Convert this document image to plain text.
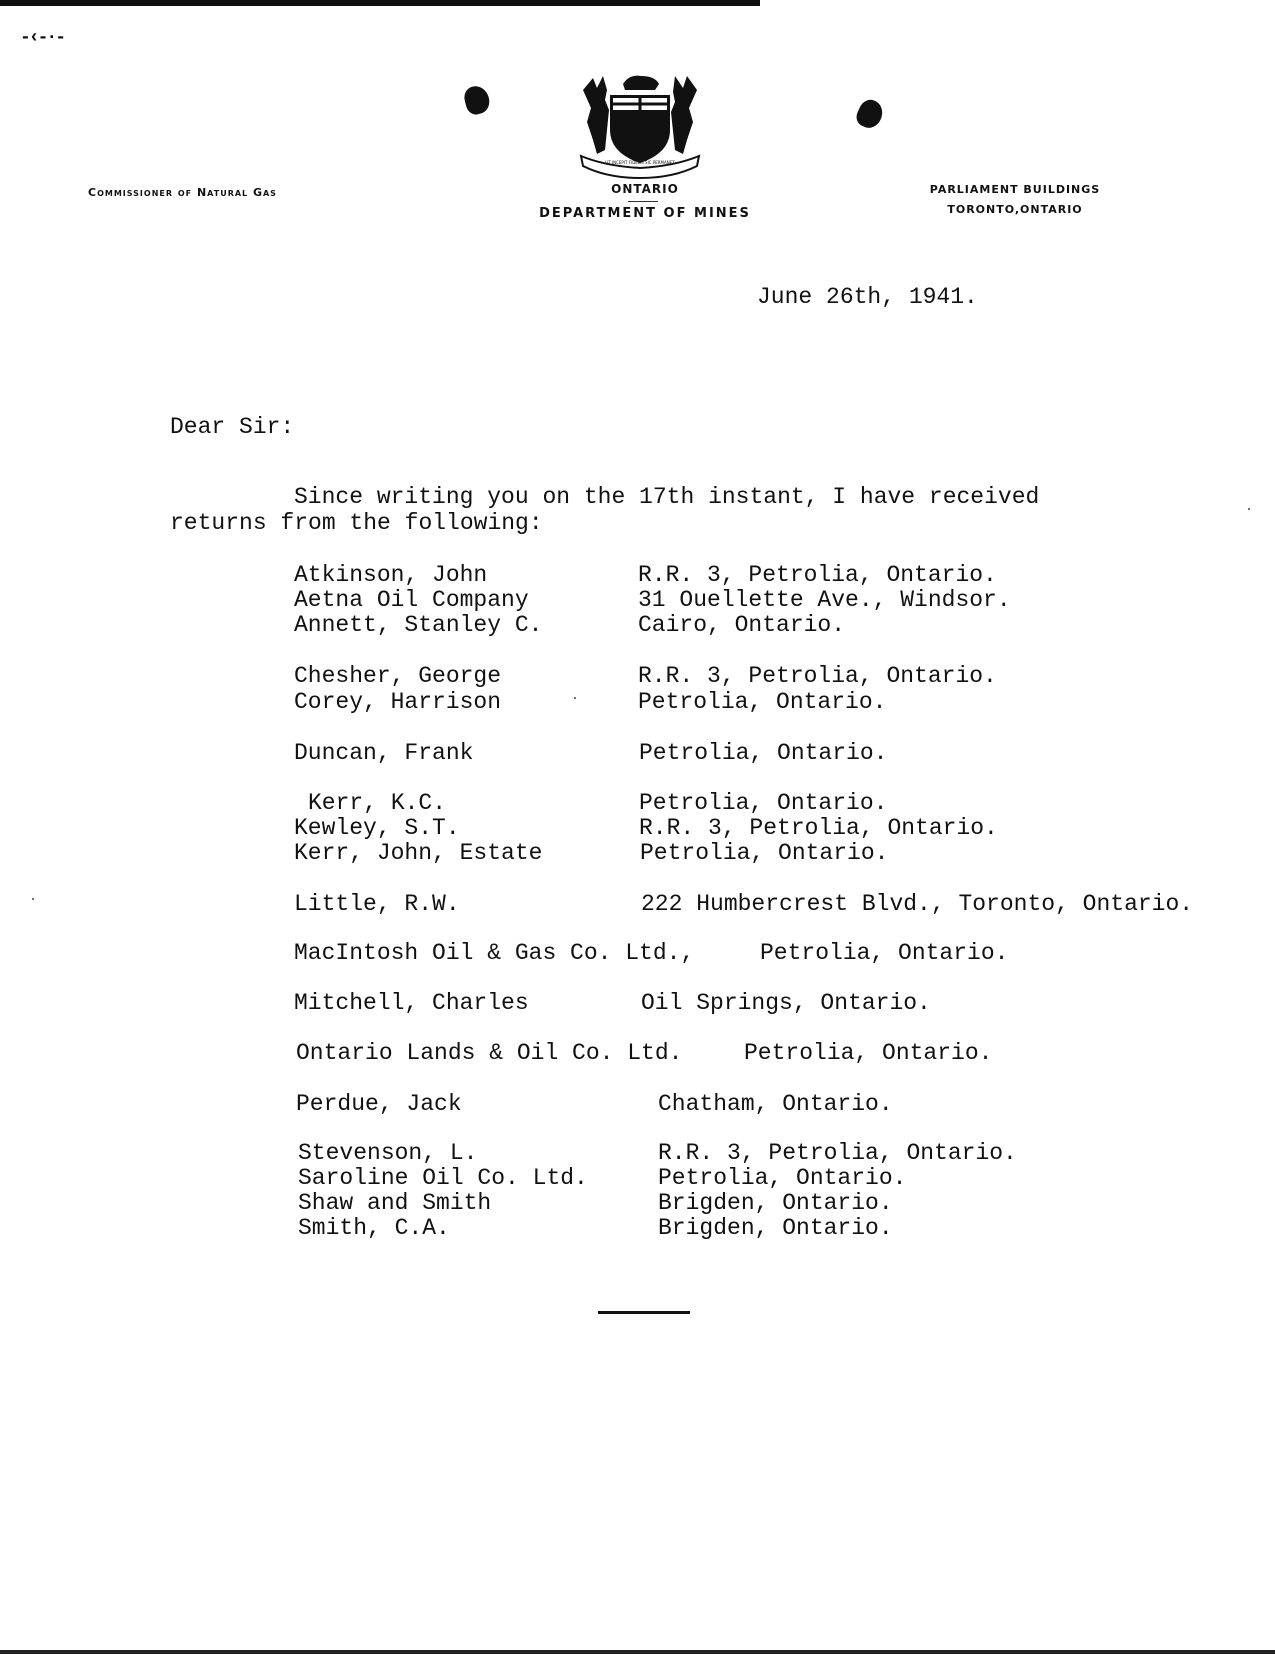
-‹-·-
UT INCEPIT FIDELIS SIC PERMANET
Commissioner of Natural Gas	ONTARIO
DEPARTMENT OF MINES
PARLIAMENT BUILDINGS
TORONTO,ONTARIO
June 26th, 1941.
Dear Sir:
Since writing you on the 17th instant, I have received
returns from the following:
Atkinson, John	R.R. 3, Petrolia, Ontario.
Aetna Oil Company	31 Ouellette Ave., Windsor.
Annett, Stanley C.	Cairo, Ontario.
Chesher, George	R.R. 3, Petrolia, Ontario.
Corey, Harrison	Petrolia, Ontario.
Duncan, Frank	Petrolia, Ontario.
Kerr, K.C.	Petrolia, Ontario.
Kewley, S.T.	R.R. 3, Petrolia, Ontario.
Kerr, John, Estate	Petrolia, Ontario.
Little, R.W.	222 Humbercrest Blvd., Toronto, Ontario.
MacIntosh Oil & Gas Co. Ltd.,	Petrolia, Ontario.
Mitchell, Charles	Oil Springs, Ontario.
Ontario Lands & Oil Co. Ltd.	Petrolia, Ontario.
Perdue, Jack	Chatham, Ontario.
Stevenson, L.	R.R. 3, Petrolia, Ontario.
Saroline Oil Co. Ltd.	Petrolia, Ontario.
Shaw and Smith	Brigden, Ontario.
Smith, C.A.	Brigden, Ontario.
